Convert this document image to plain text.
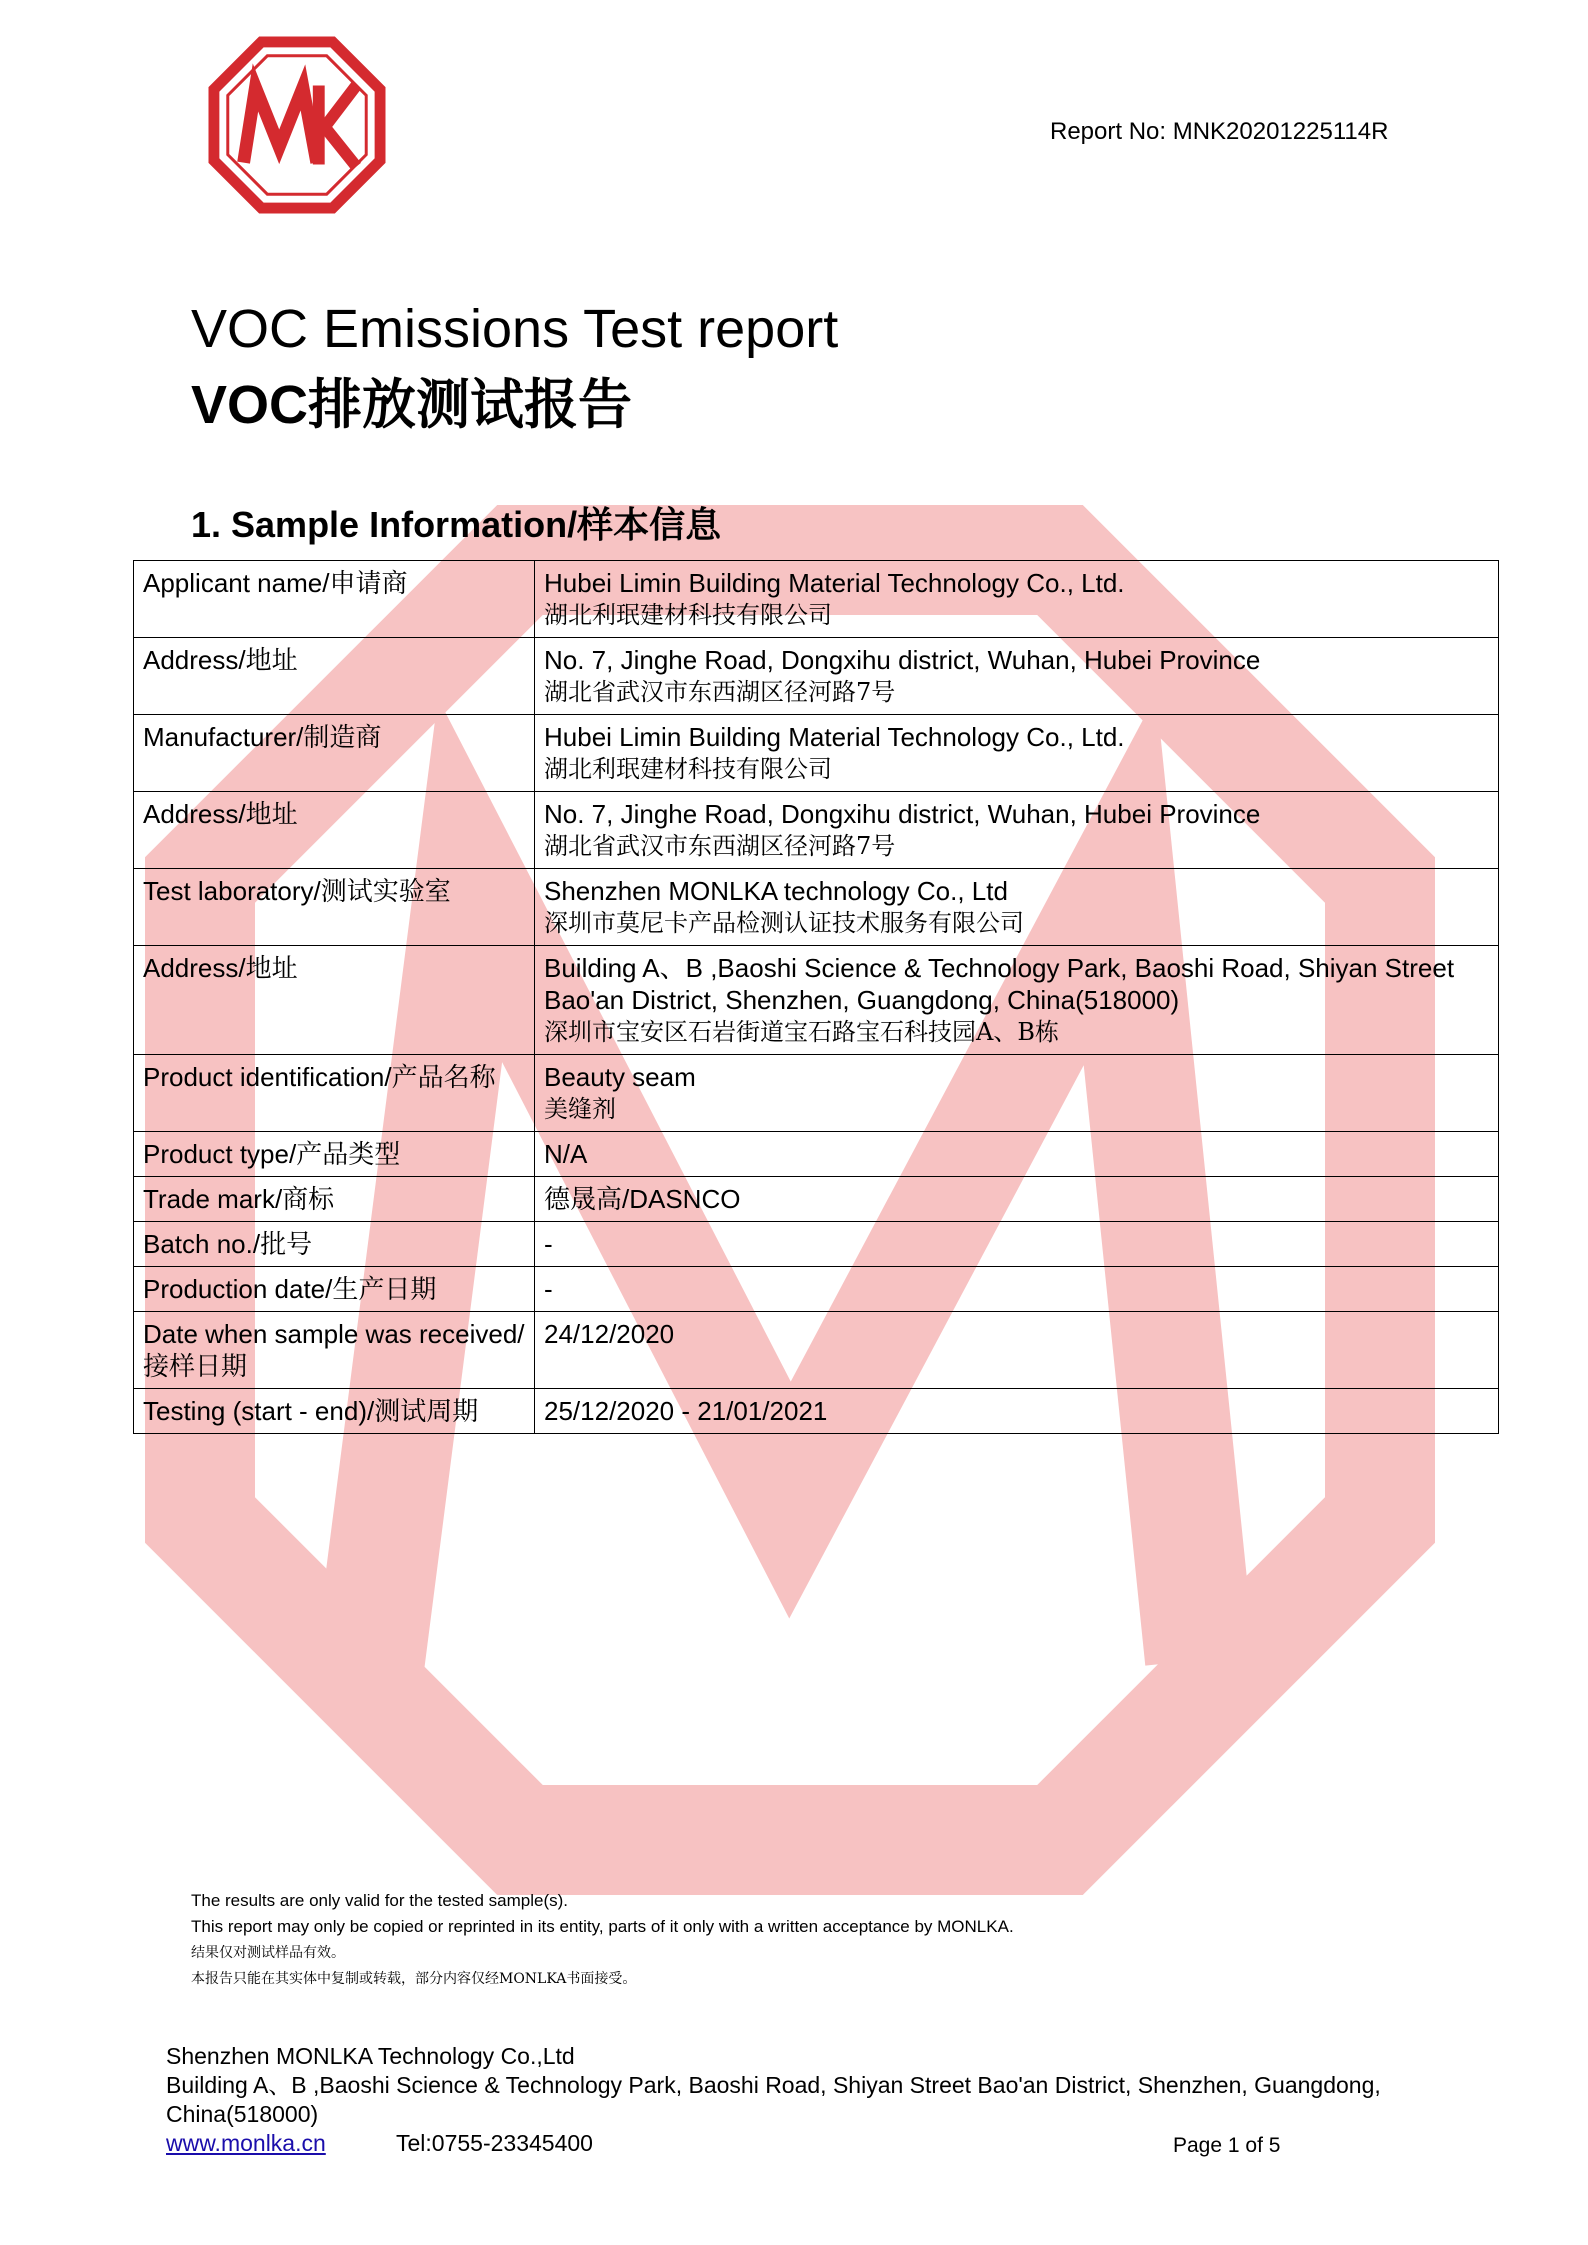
Report No: MNK20201225114R
VOC Emissions Test report
VOC排放测试报告
1. Sample Information/样本信息
Applicant name/申请商	Hubei Limin Building Material Technology Co., Ltd.
湖北利珉建材科技有限公司

Address/地址	No. 7, Jinghe Road, Dongxihu district, Wuhan, Hubei Province
湖北省武汉市东西湖区径河路7号

Manufacturer/制造商	Hubei Limin Building Material Technology Co., Ltd.
湖北利珉建材科技有限公司

Address/地址	No. 7, Jinghe Road, Dongxihu district, Wuhan, Hubei Province
湖北省武汉市东西湖区径河路7号

Test laboratory/测试实验室	Shenzhen MONLKA technology Co., Ltd
深圳市莫尼卡产品检测认证技术服务有限公司

Address/地址	Building A、B ,Baoshi Science & Technology Park, Baoshi Road, Shiyan Street Bao'an District, Shenzhen, Guangdong, China(518000)
深圳市宝安区石岩街道宝石路宝石科技园A、B栋

Product identification/产品名称	Beauty seam
美缝剂

Product type/产品类型	N/A

Trade mark/商标	德晟高/DASNCO

Batch no./批号	-

Production date/生产日期	-

Date when sample was received/接样日期	24/12/2020

Testing (start - end)/测试周期	25/12/2020 - 21/01/2021
The results are only valid for the tested sample(s).
This report may only be copied or reprinted in its entity, parts of it only with a written acceptance by MONLKA.
结果仅对测试样品有效。
本报告只能在其实体中复制或转载，部分内容仅经MONLKA书面接受。
Shenzhen MONLKA Technology Co.,Ltd
Building A、B ,Baoshi Science & Technology Park, Baoshi Road, Shiyan Street Bao'an District, Shenzhen, Guangdong, China(518000)
www.monlka.cn	Tel:0755-23345400	Page 1 of 5
